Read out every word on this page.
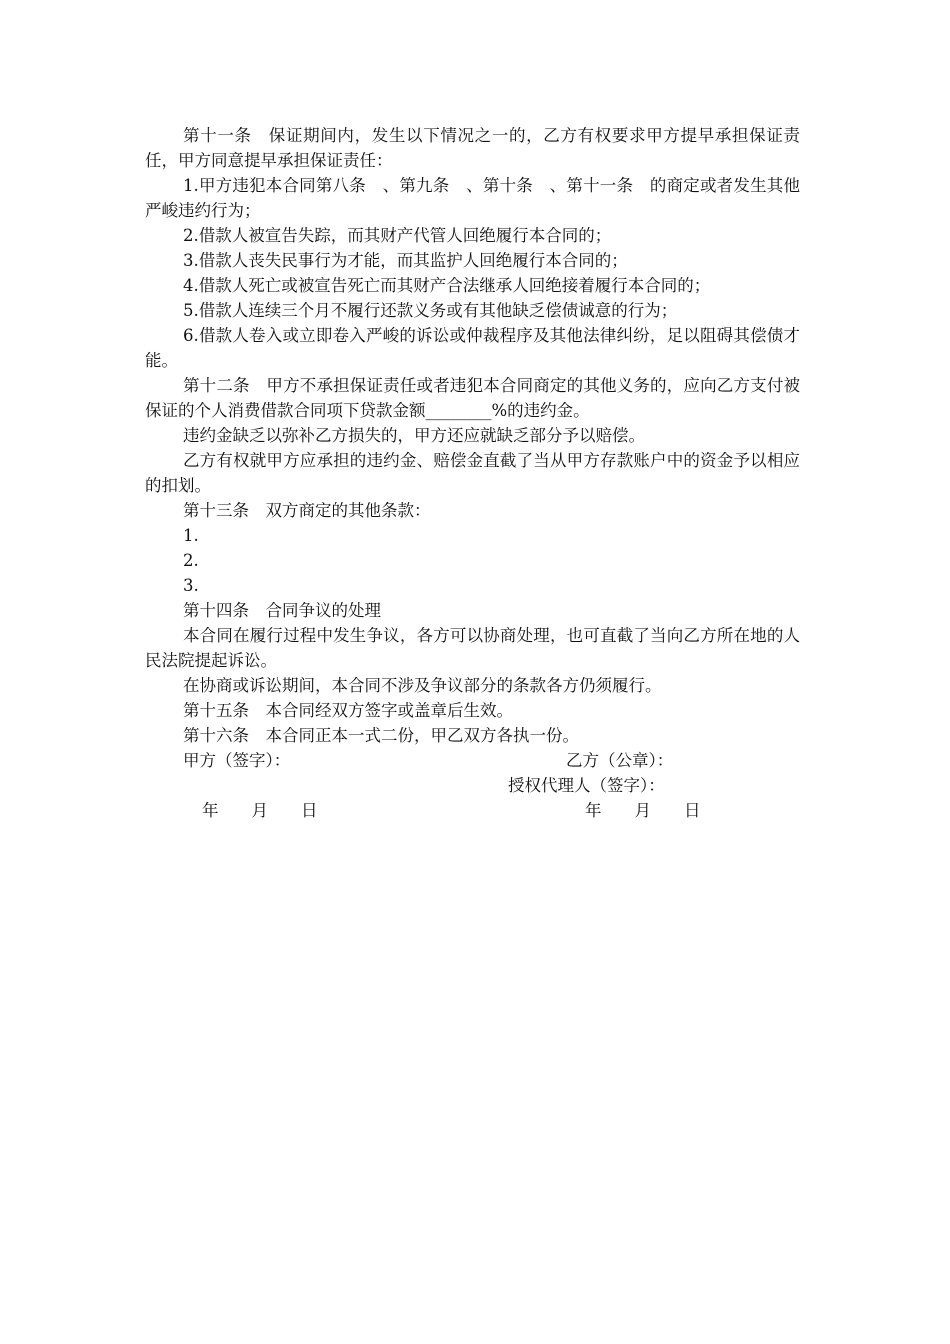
第十一条　保证期间内，发生以下情况之一的，乙方有权要求甲方提早承担保证责任，甲方同意提早承担保证责任：

1.甲方违犯本合同第八条　、第九条　、第十条　、第十一条　的商定或者发生其他严峻违约行为；

2.借款人被宣告失踪，而其财产代管人回绝履行本合同的；

3.借款人丧失民事行为才能，而其监护人回绝履行本合同的；

4.借款人死亡或被宣告死亡而其财产合法继承人回绝接着履行本合同的；

5.借款人连续三个月不履行还款义务或有其他缺乏偿债诚意的行为；

6.借款人卷入或立即卷入严峻的诉讼或仲裁程序及其他法律纠纷，足以阻碍其偿债才能。

第十二条　甲方不承担保证责任或者违犯本合同商定的其他义务的，应向乙方支付被保证的个人消费借款合同项下贷款金额________%的违约金。

违约金缺乏以弥补乙方损失的，甲方还应就缺乏部分予以赔偿。

乙方有权就甲方应承担的违约金、赔偿金直截了当从甲方存款账户中的资金予以相应的扣划。

第十三条　双方商定的其他条款：

1.

2.

3.

第十四条　合同争议的处理

本合同在履行过程中发生争议，各方可以协商处理，也可直截了当向乙方所在地的人民法院提起诉讼。

在协商或诉讼期间，本合同不涉及争议部分的条款各方仍须履行。

第十五条　本合同经双方签字或盖章后生效。

第十六条　本合同正本一式二份，甲乙双方各执一份。

甲方（签字）：

	乙方（公章）：

授权代理人（签字）：

年　　月　　日

	年　　月　　日
